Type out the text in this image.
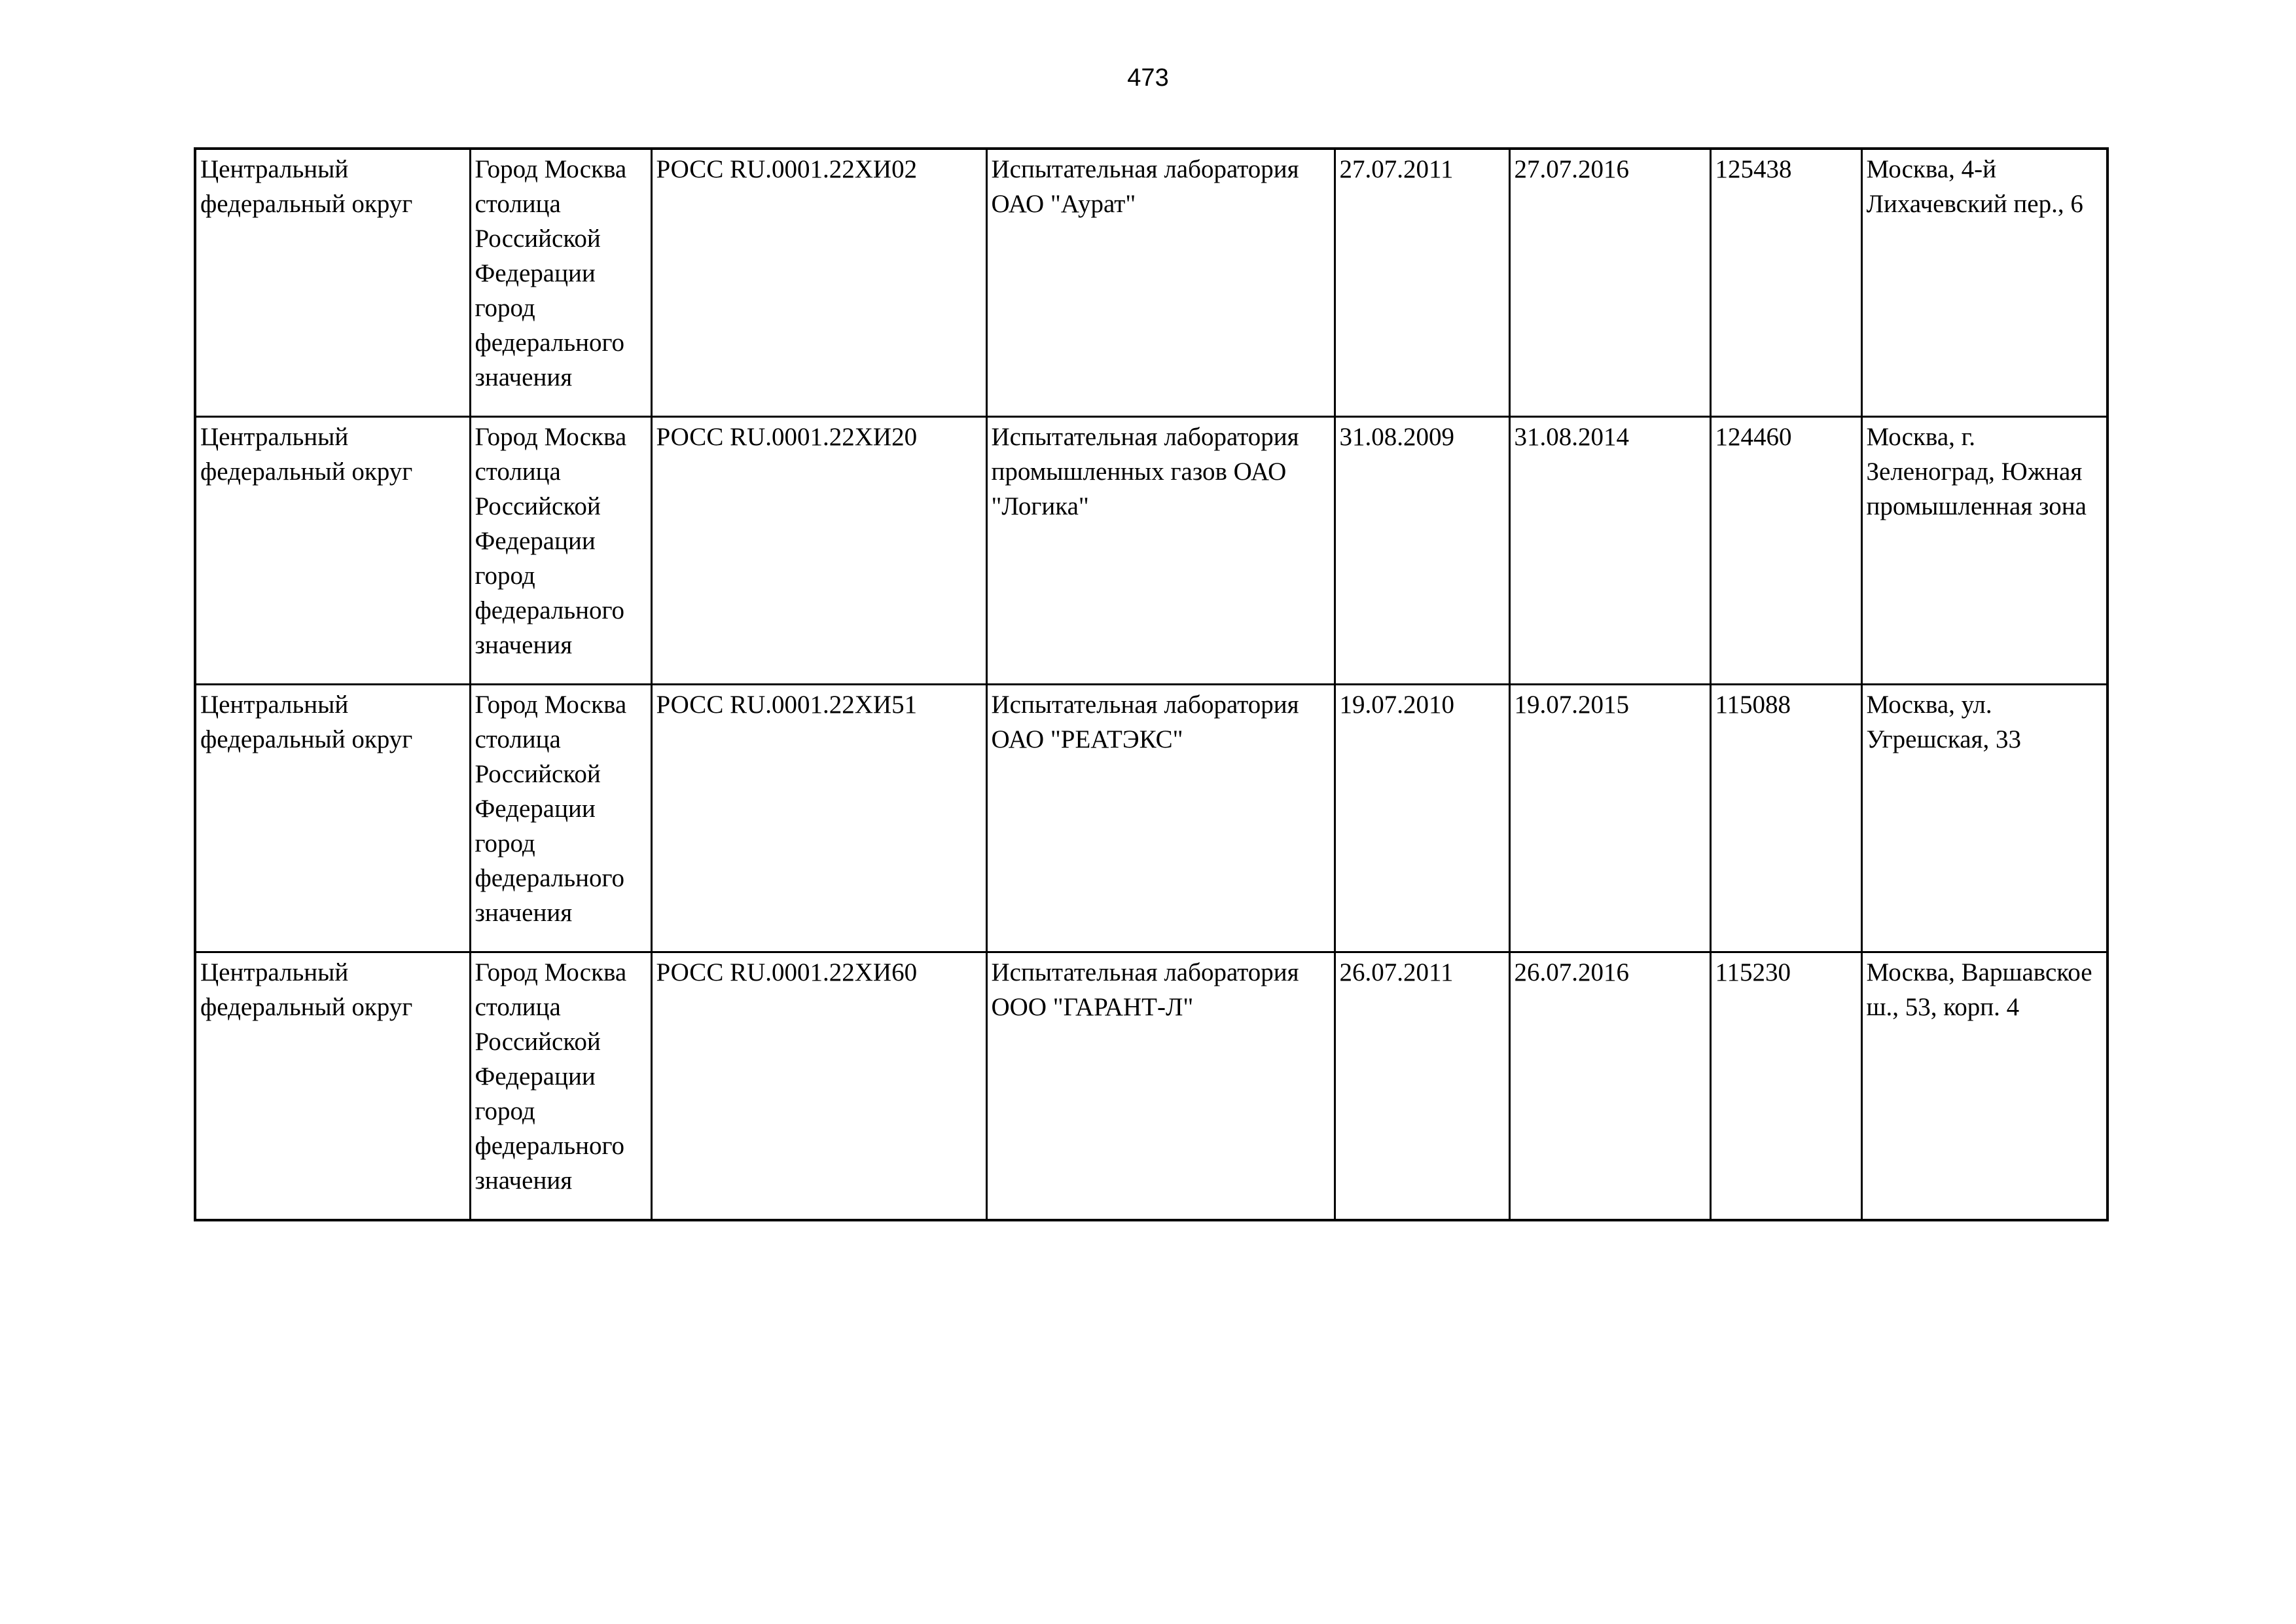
473
Центральный федеральный округ	Город Москва столица Российской Федерации город федерального значения	РОСС RU.0001.22ХИ02	Испытательная лаборатория ОАО "Аурат"	27.07.2011	27.07.2016	125438	Москва, 4-й Лихачевский пер., 6

Центральный федеральный округ	Город Москва столица Российской Федерации город федерального значения	РОСС RU.0001.22ХИ20	Испытательная лаборатория промышленных газов ОАО "Логика"	31.08.2009	31.08.2014	124460	Москва, г. Зеленоград, Южная промышленная зона

Центральный федеральный округ	Город Москва столица Российской Федерации город федерального значения	РОСС RU.0001.22ХИ51	Испытательная лаборатория ОАО "РЕАТЭКС"	19.07.2010	19.07.2015	115088	Москва, ул. Угрешская, 33

Центральный федеральный округ	Город Москва столица Российской Федерации город федерального значения	РОСС RU.0001.22ХИ60	Испытательная лаборатория ООО "ГАРАНТ-Л"	26.07.2011	26.07.2016	115230	Москва, Варшавское ш., 53, корп. 4
